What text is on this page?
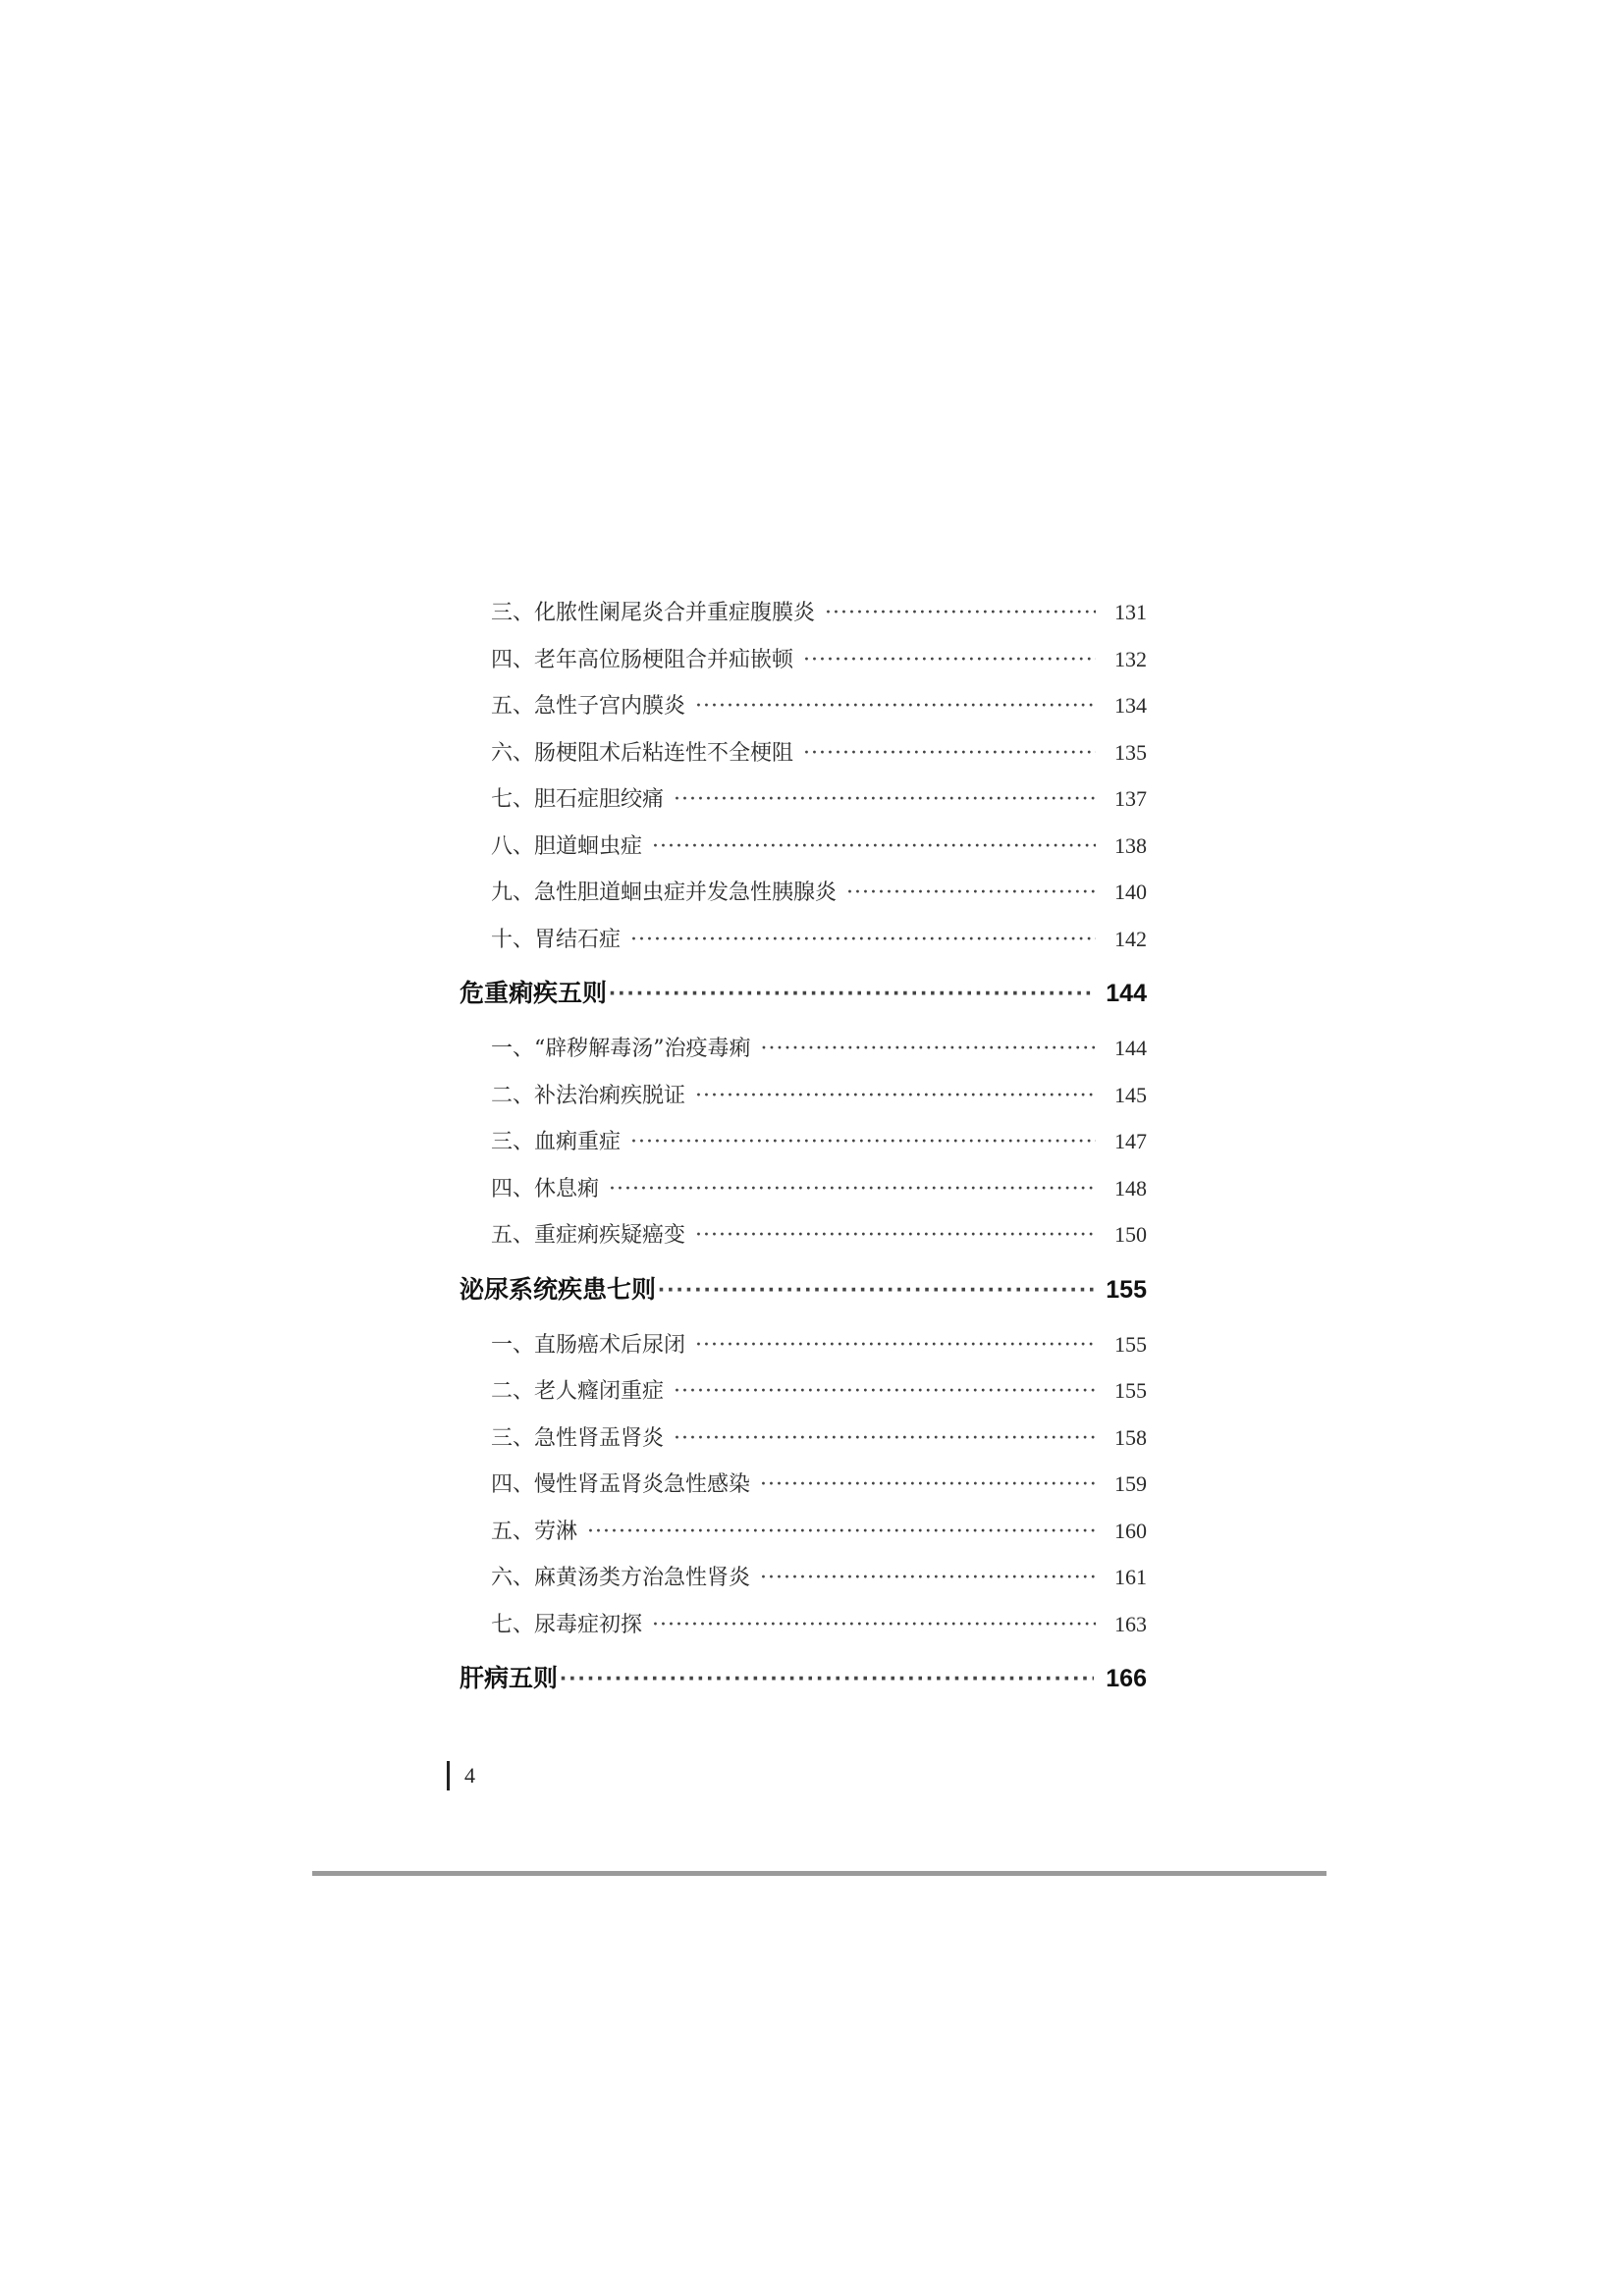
三、化脓性阑尾炎合并重症腹膜炎 ·····	131
四、老年高位肠梗阻合并疝嵌顿 ·····	132
五、急性子宫内膜炎 ·····	134
六、肠梗阻术后粘连性不全梗阻 ·····	135
七、胆石症胆绞痛 ·····	137
八、胆道蛔虫症 ·····	138
九、急性胆道蛔虫症并发急性胰腺炎 ·····	140
十、胃结石症 ·····	142
危重痢疾五则 ·····	144
一、“辟秽解毒汤”治疫毒痢 ·····	144
二、补法治痢疾脱证 ·····	145
三、血痢重症 ·····	147
四、休息痢 ·····	148
五、重症痢疾疑癌变 ·····	150
泌尿系统疾患七则 ·····	155
一、直肠癌术后尿闭 ·····	155
二、老人癃闭重症 ·····	155
三、急性肾盂肾炎 ·····	158
四、慢性肾盂肾炎急性感染 ·····	159
五、劳淋 ·····	160
六、麻黄汤类方治急性肾炎 ·····	161
七、尿毒症初探 ·····	163
肝病五则 ·····	166
4
